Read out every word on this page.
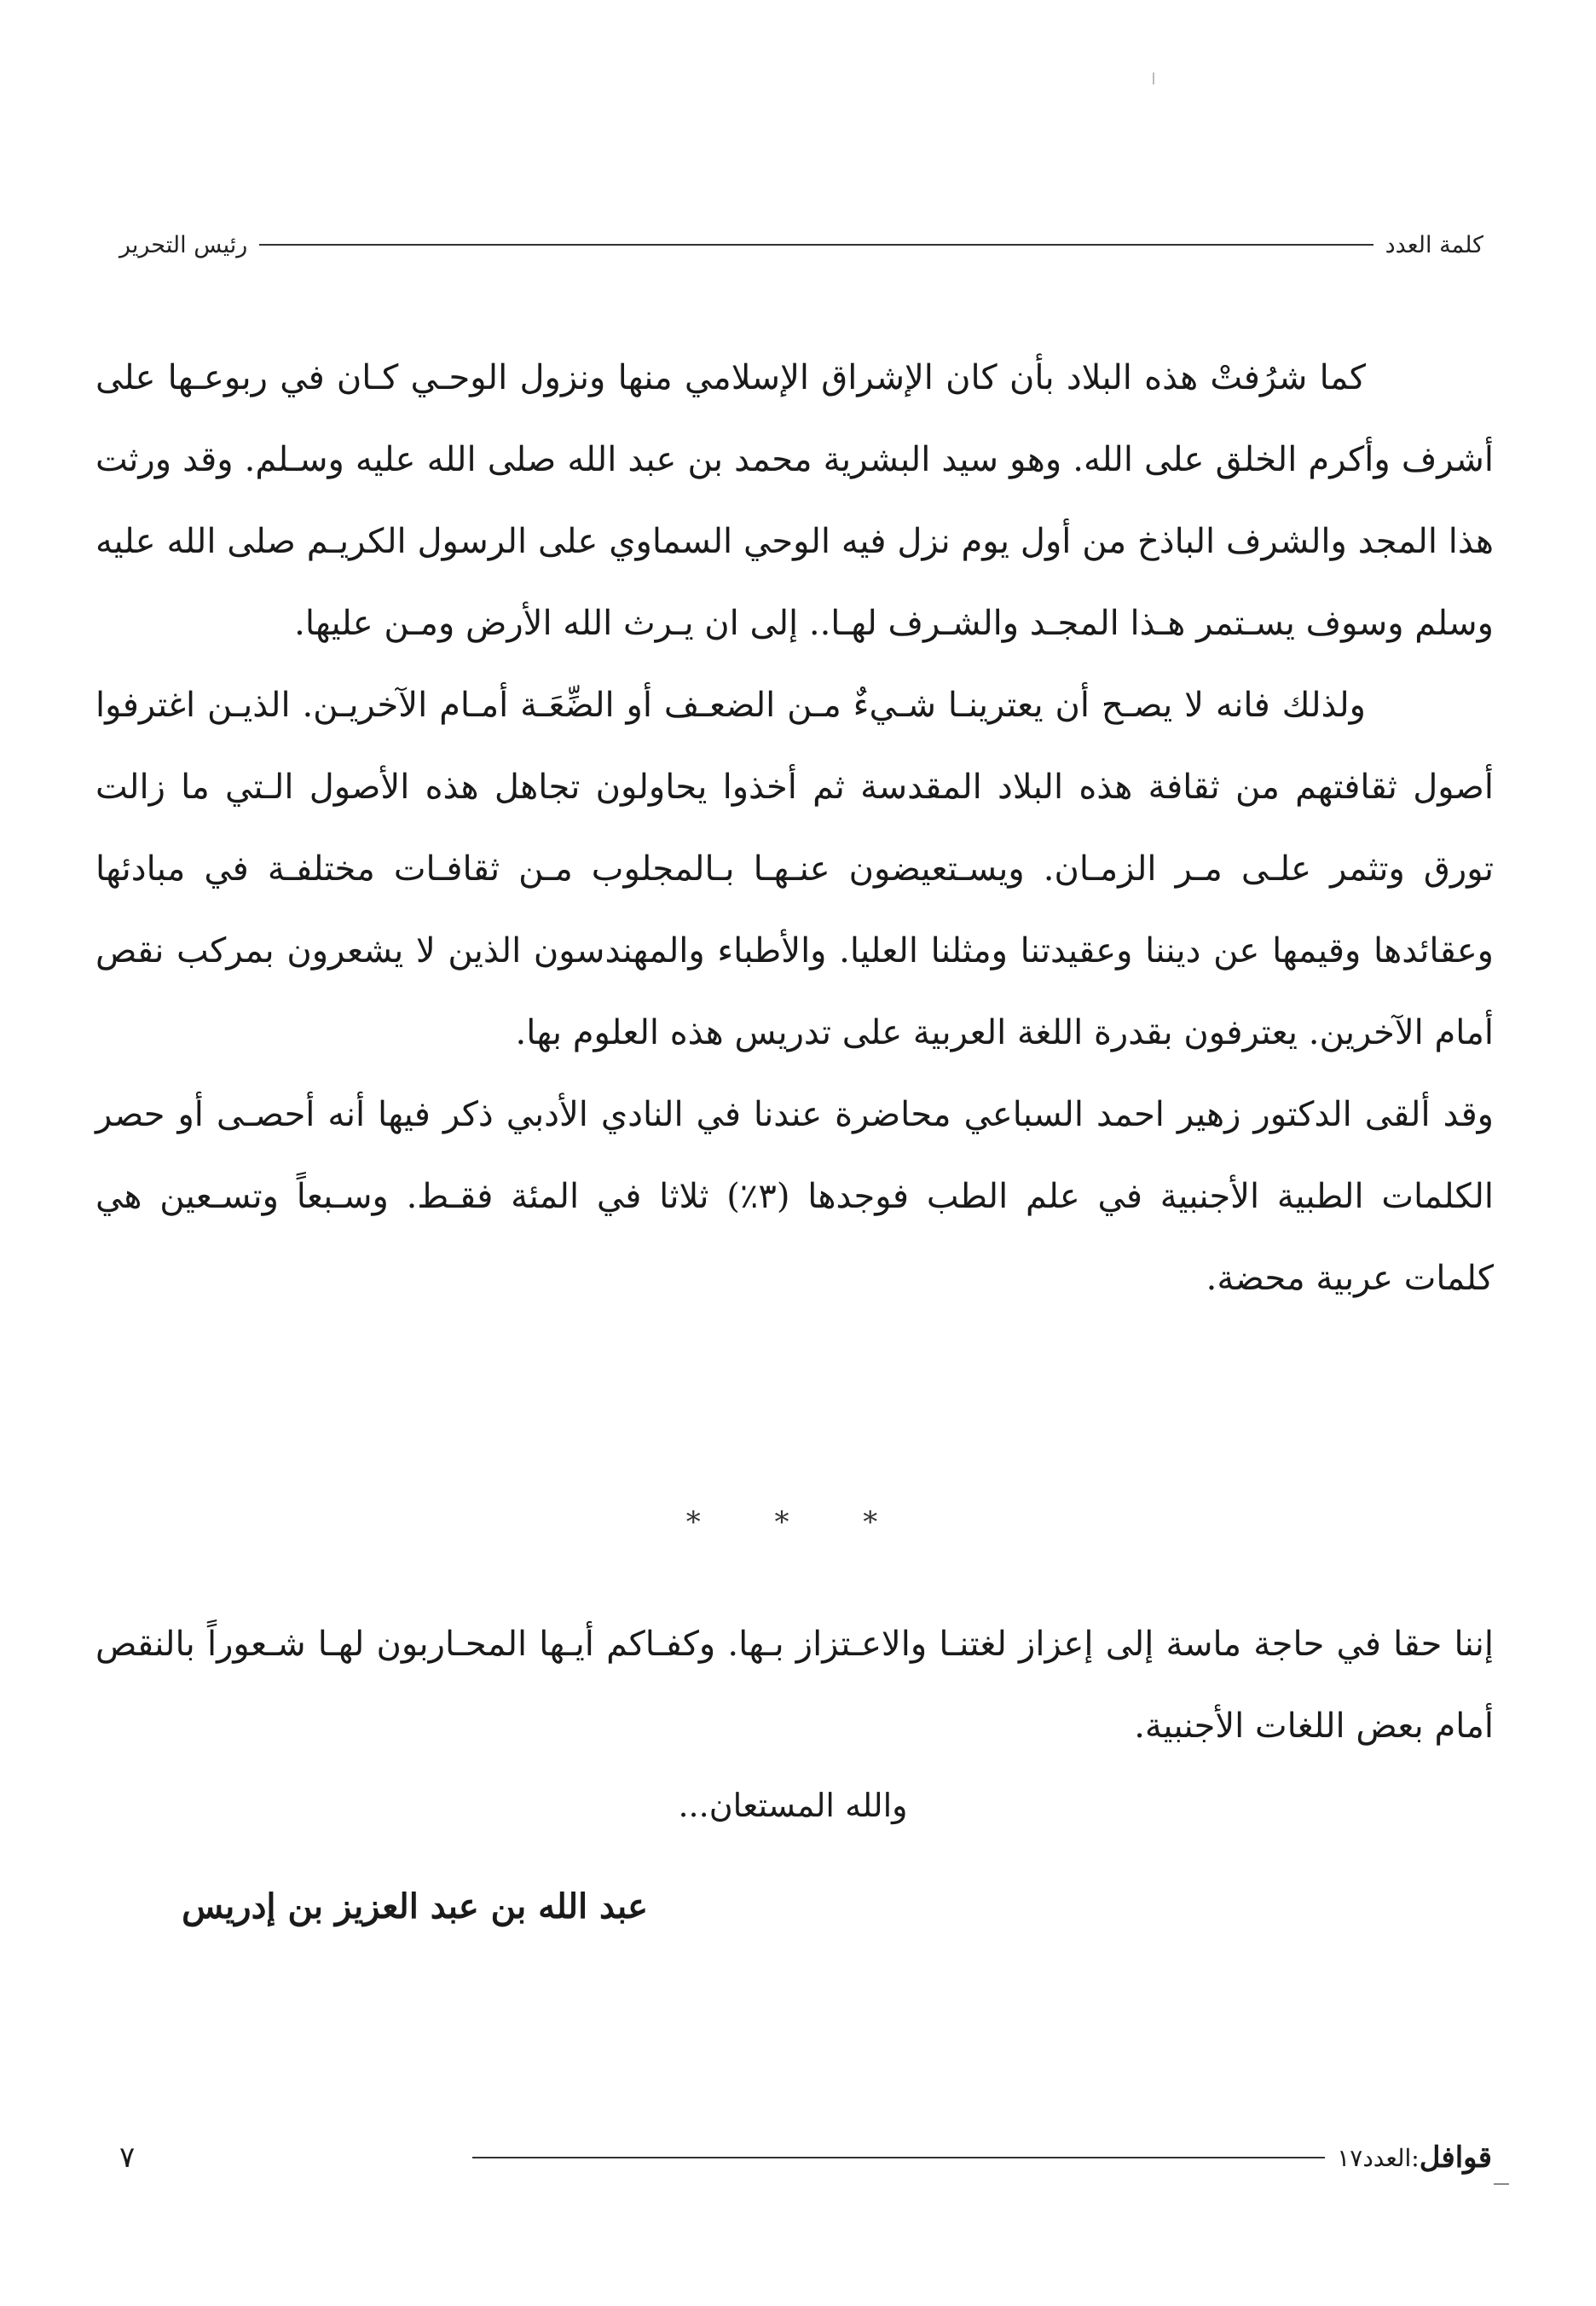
كلمة العدد
رئيس التحرير

كما شرُفتْ هذه البلاد بأن كان الإشراق الإسلامي منها ونزول الوحـي كـان في ربوعـها على أشرف وأكرم الخلق على الله. وهو سيد البشرية محمد بن عبد الله صلى الله عليه وسـلم. وقد ورثت هذا المجد والشرف الباذخ من أول يوم نزل فيه الوحي السماوي على الرسول الكريـم صلى الله عليه وسلم وسوف يسـتمر هـذا المجـد والشـرف لهـا.. إلى ان يـرث الله الأرض ومـن عليها.

ولذلك فانه لا يصـح أن يعترينـا شـيءٌ مـن الضعـف أو الضِّعَـة أمـام الآخريـن. الذيـن اغترفوا أصول ثقافتهم من ثقافة هذه البلاد المقدسة ثم أخذوا يحاولون تجاهل هذه الأصول الـتي ما زالت تورق وتثمر علـى مـر الزمـان. ويسـتعيضون عنـهـا بـالمجلوب مـن ثقافـات مختلفـة في مبادئها وعقائدها وقيمها عن ديننا وعقيدتنا ومثلنا العليا. والأطباء والمهندسون الذين لا يشعرون بمركب نقص أمام الآخرين. يعترفون بقدرة اللغة العربية على تدريس هذه العلوم بها.

وقد ألقى الدكتور زهير احمد السباعي محاضرة عندنا في النادي الأدبي ذكر فيها أنه أحصـى أو حصر الكلمات الطبية الأجنبية في علم الطب فوجدها (٣٪) ثلاثا في المئة فقـط. وسـبعاً وتسـعين هي كلمات عربية محضة.

* * *

إننا حقا في حاجة ماسة إلى إعزاز لغتنـا والاعـتزاز بـها. وكفـاكم أيـها المحـاربون لهـا شـعوراً بالنقص أمام بعض اللغات الأجنبية.

والله المستعان...
عبد الله بن عبد العزيز بن إدريس
قوافل
:العدد١٧
٧
